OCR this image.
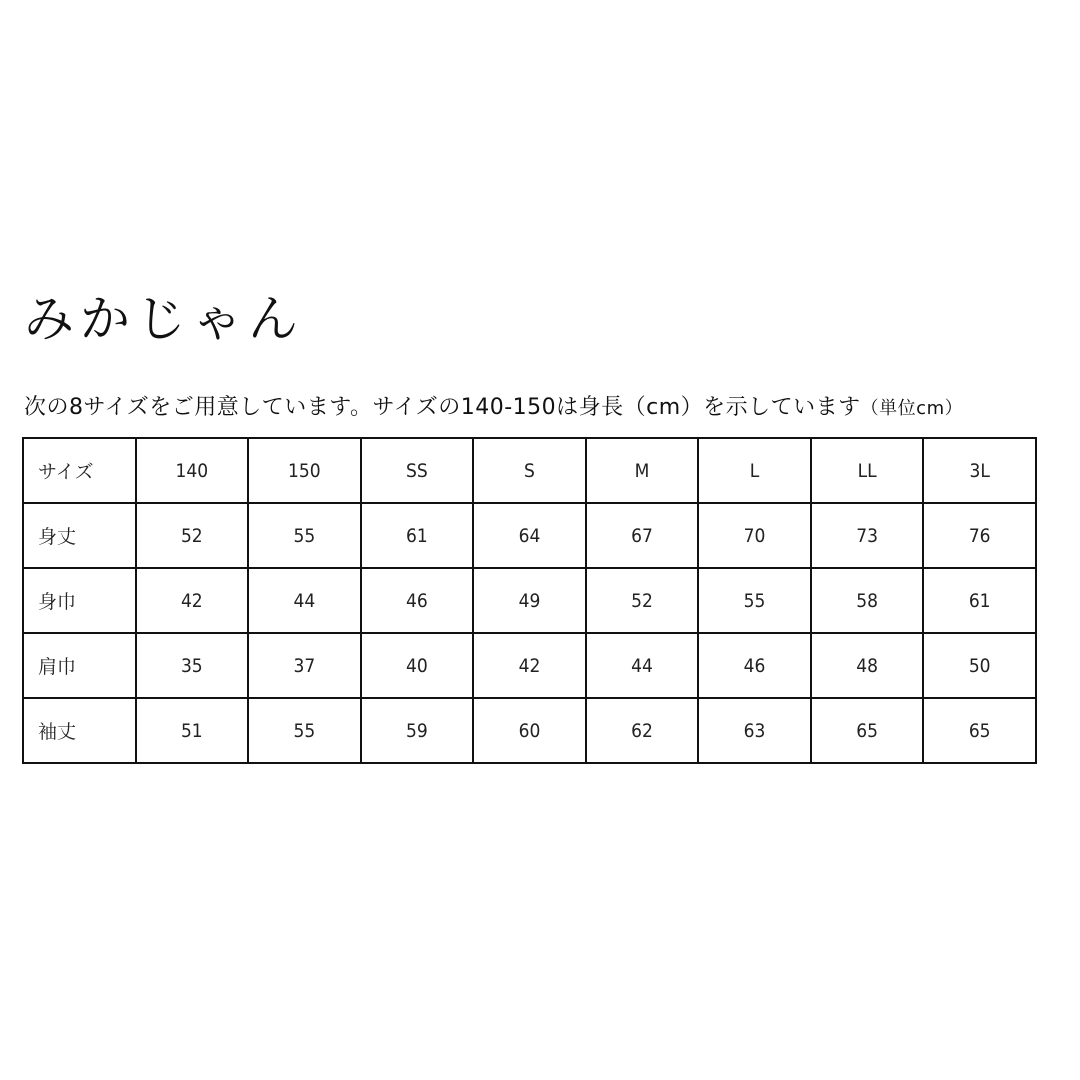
みかじゃん
次の8サイズをご用意しています。サイズの140-150は身長（cm）を示しています（単位cm）
サイズ	140	150	SS	S	M	L	LL	3L
身丈	52	55	61	64	67	70	73	76
身巾	42	44	46	49	52	55	58	61
肩巾	35	37	40	42	44	46	48	50
袖丈	51	55	59	60	62	63	65	65
